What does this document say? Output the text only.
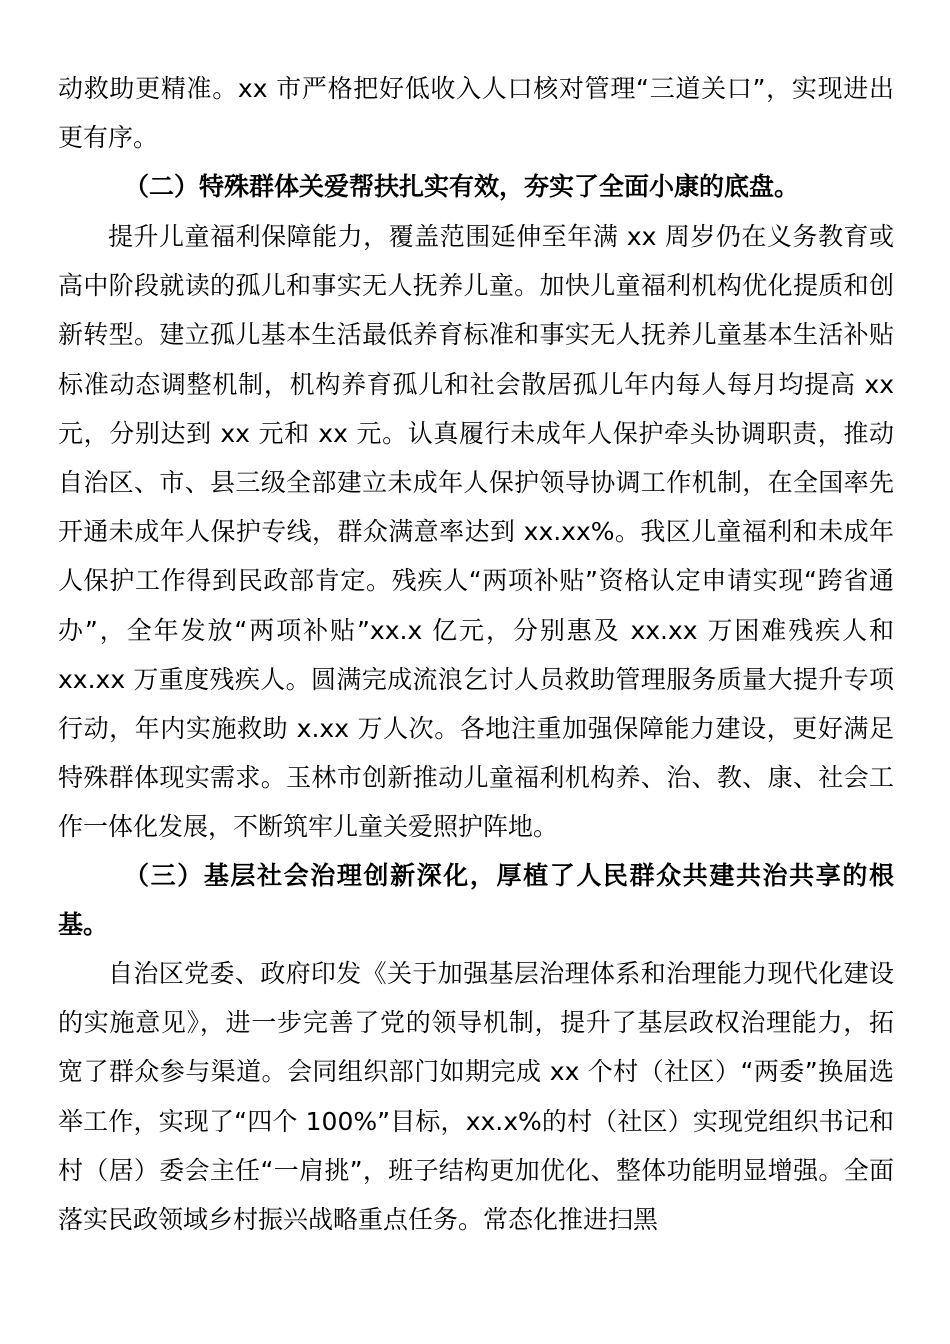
动救助更精准。xx 市严格把好低收入人口核对管理“三道关口”，实现进出更有序。

（二）特殊群体关爱帮扶扎实有效，夯实了全面小康的底盘。

提升儿童福利保障能力，覆盖范围延伸至年满 xx 周岁仍在义务教育或高中阶段就读的孤儿和事实无人抚养儿童。加快儿童福利机构优化提质和创新转型。建立孤儿基本生活最低养育标准和事实无人抚养儿童基本生活补贴标准动态调整机制，机构养育孤儿和社会散居孤儿年内每人每月均提高 xx 元，分别达到 xx 元和 xx 元。认真履行未成年人保护牵头协调职责，推动自治区、市、县三级全部建立未成年人保护领导协调工作机制，在全国率先开通未成年人保护专线，群众满意率达到 xx.xx%。我区儿童福利和未成年人保护工作得到民政部肯定。残疾人“两项补贴”资格认定申请实现“跨省通办”，全年发放“两项补贴”xx.x 亿元，分别惠及 xx.xx 万困难残疾人和 xx.xx 万重度残疾人。圆满完成流浪乞讨人员救助管理服务质量大提升专项行动，年内实施救助 x.xx 万人次。各地注重加强保障能力建设，更好满足特殊群体现实需求。玉林市创新推动儿童福利机构养、治、教、康、社会工作一体化发展，不断筑牢儿童关爱照护阵地。

（三）基层社会治理创新深化，厚植了人民群众共建共治共享的根基。

自治区党委、政府印发《关于加强基层治理体系和治理能力现代化建设的实施意见》，进一步完善了党的领导机制，提升了基层政权治理能力，拓宽了群众参与渠道。会同组织部门如期完成 xx 个村（社区）“两委”换届选举工作，实现了“四个 100%”目标，xx.x%的村（社区）实现党组织书记和村（居）委会主任“一肩挑”，班子结构更加优化、整体功能明显增强。全面落实民政领域乡村振兴战略重点任务。常态化推进扫黑
